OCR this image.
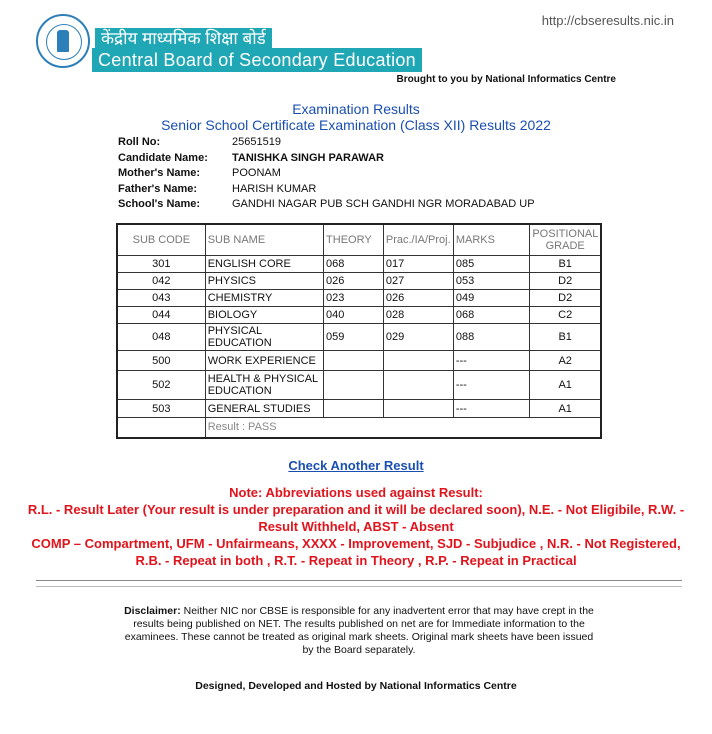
केंद्रीय माध्यमिक शिक्षा बोर्ड
Central Board of Secondary Education
http://cbseresults.nic.in
Brought to you by National Informatics Centre
Examination Results
Senior School Certificate Examination (Class XII) Results 2022
Roll No:	25651519
Candidate Name: TANISHKA SINGH PARAWAR
Mother's Name:	POONAM
Father's Name:	HARISH KUMAR
School's Name:	GANDHI NAGAR PUB SCH GANDHI NGR MORADABAD UP
SUB CODE	SUB NAME	THEORY	Prac./IA/Proj.	MARKS	POSITIONAL GRADE
301	ENGLISH CORE	068	017	085	B1
042	PHYSICS	026	027	053	D2
043	CHEMISTRY	023	026	049	D2
044	BIOLOGY	040	028	068	C2
048	PHYSICAL EDUCATION	059	029	088	B1
500	WORK EXPERIENCE			---	A2
502	HEALTH & PHYSICAL EDUCATION			---	A1
503	GENERAL STUDIES			---	A1
	Result : PASS				
Check Another Result

Note: Abbreviations used against Result:

R.L. - Result Later (Your result is under preparation and it will be declared soon), N.E. - Not Eligibile, R.W. - Result Withheld, ABST - Absent

COMP – Compartment, UFM - Unfairmeans, XXXX - Improvement, SJD - Subjudice , N.R. - Not Registered, R.B. - Repeat in both , R.T. - Repeat in Theory , R.P. - Repeat in Practical

Disclaimer: Neither NIC nor CBSE is responsible for any inadvertent error that may have crept in the results being published on NET. The results published on net are for Immediate information to the examinees. These cannot be treated as original mark sheets. Original mark sheets have been issued by the Board separately.
Designed, Developed and Hosted by National Informatics Centre
